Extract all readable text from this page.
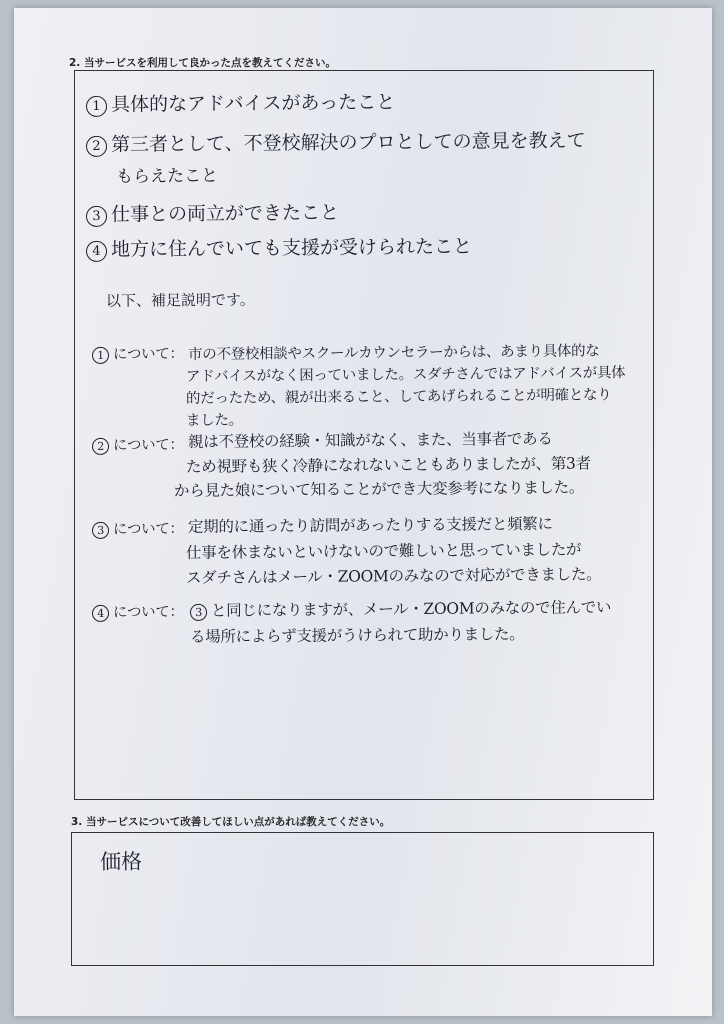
2. 当サービスを利用して良かった点を教えてください。
1 具体的なアドバイスがあったこと
2 第三者として、不登校解決のプロとしての意見を教えて
もらえたこと
3 仕事との両立ができたこと
4 地方に住んでいても支援が受けられたこと
以下、補足説明です。
1 について： 市の不登校相談やスクールカウンセラーからは、あまり具体的な
アドバイスがなく困っていました。スダチさんではアドバイスが具体
的だったため、親が出来ること、してあげられることが明確となり
ました。
2 について： 親は不登校の経験・知識がなく、また、当事者である
ため視野も狭く冷静になれないこともありましたが、第3者
から見た娘について知ることができ大変参考になりました。
3 について： 定期的に通ったり訪問があったりする支援だと頻繁に
仕事を休まないといけないので難しいと思っていましたが
スダチさんはメール・ZOOMのみなので対応ができました。
4 について：	3 と同じになりますが、メール・ZOOMのみなので住んでい
る場所によらず支援がうけられて助かりました。
3. 当サービスについて改善してほしい点があれば教えてください。
価格
